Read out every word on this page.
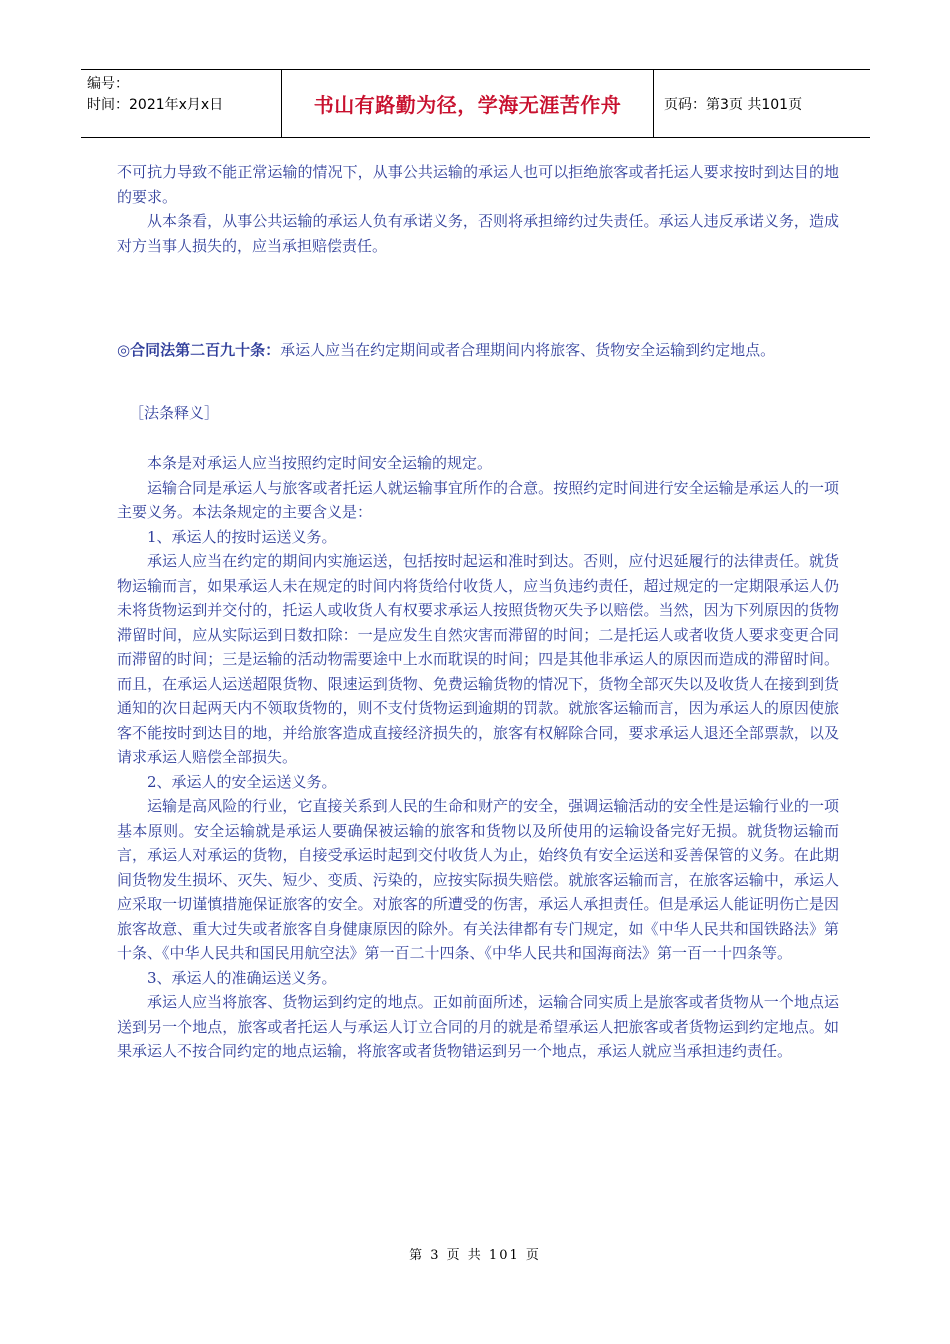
编号：
时间：2021年x月x日	书山有路勤为径，学海无涯苦作舟	页码：第3页 共101页

不可抗力导致不能正常运输的情况下，从事公共运输的承运人也可以拒绝旅客或者托运人要求按时到达目的地的要求。

从本条看，从事公共运输的承运人负有承诺义务，否则将承担缔约过失责任。承运人违反承诺义务，造成对方当事人损失的，应当承担赔偿责任。

◎合同法第二百九十条：承运人应当在约定期间或者合理期间内将旅客、货物安全运输到约定地点。

［法条释义］

本条是对承运人应当按照约定时间安全运输的规定。

运输合同是承运人与旅客或者托运人就运输事宜所作的合意。按照约定时间进行安全运输是承运人的一项主要义务。本法条规定的主要含义是：

1、承运人的按时运送义务。

承运人应当在约定的期间内实施运送，包括按时起运和准时到达。否则，应付迟延履行的法律责任。就货物运输而言，如果承运人未在规定的时间内将货给付收货人，应当负违约责任，超过规定的一定期限承运人仍未将货物运到并交付的，托运人或收货人有权要求承运人按照货物灭失予以赔偿。当然，因为下列原因的货物滞留时间，应从实际运到日数扣除：一是应发生自然灾害而滞留的时间；二是托运人或者收货人要求变更合同而滞留的时间；三是运输的活动物需要途中上水而耽误的时间；四是其他非承运人的原因而造成的滞留时间。而且，在承运人运送超限货物、限速运到货物、免费运输货物的情况下，货物全部灭失以及收货人在接到到货通知的次日起两天内不领取货物的，则不支付货物运到逾期的罚款。就旅客运输而言，因为承运人的原因使旅客不能按时到达目的地，并给旅客造成直接经济损失的，旅客有权解除合同，要求承运人退还全部票款，以及请求承运人赔偿全部损失。

2、承运人的安全运送义务。

运输是高风险的行业，它直接关系到人民的生命和财产的安全，强调运输活动的安全性是运输行业的一项基本原则。安全运输就是承运人要确保被运输的旅客和货物以及所使用的运输设备完好无损。就货物运输而言，承运人对承运的货物，自接受承运时起到交付收货人为止，始终负有安全运送和妥善保管的义务。在此期间货物发生损坏、灭失、短少、变质、污染的，应按实际损失赔偿。就旅客运输而言，在旅客运输中，承运人应采取一切谨慎措施保证旅客的安全。对旅客的所遭受的伤害，承运人承担责任。但是承运人能证明伤亡是因旅客故意、重大过失或者旅客自身健康原因的除外。有关法律都有专门规定，如《中华人民共和国铁路法》第十条、《中华人民共和国民用航空法》第一百二十四条、《中华人民共和国海商法》第一百一十四条等。

3、承运人的准确运送义务。

承运人应当将旅客、货物运到约定的地点。正如前面所述，运输合同实质上是旅客或者货物从一个地点运送到另一个地点，旅客或者托运人与承运人订立合同的月的就是希望承运人把旅客或者货物运到约定地点。如果承运人不按合同约定的地点运输，将旅客或者货物错运到另一个地点，承运人就应当承担违约责任。

第 3 页 共 101 页
